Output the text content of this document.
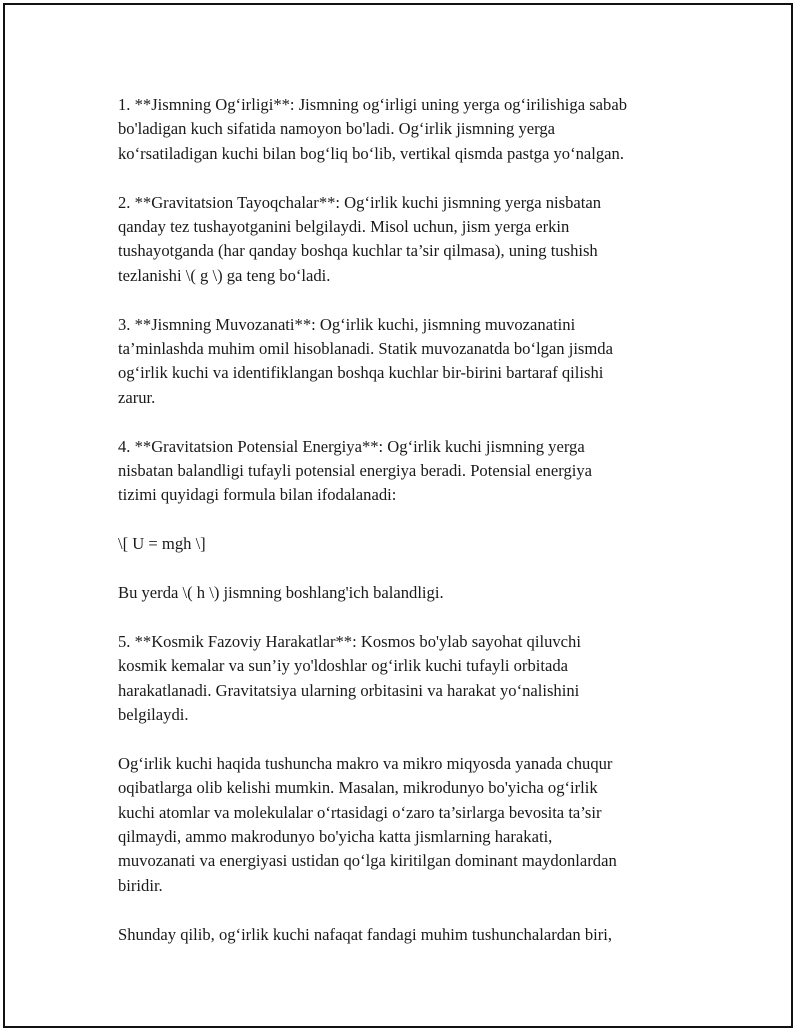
1. **Jismning Og‘irligi**: Jismning og‘irligi uning yerga og‘irilishiga sabab
bo'ladigan kuch sifatida namoyon bo'ladi. Og‘irlik jismning yerga
ko‘rsatiladigan kuchi bilan bog‘liq bo‘lib, vertikal qismda pastga yo‘nalgan.

2. **Gravitatsion Tayoqchalar**: Og‘irlik kuchi jismning yerga nisbatan
qanday tez tushayotganini belgilaydi. Misol uchun, jism yerga erkin
tushayotganda (har qanday boshqa kuchlar ta’sir qilmasa), uning tushish
tezlanishi \( g \) ga teng bo‘ladi.

3. **Jismning Muvozanati**: Og‘irlik kuchi, jismning muvozanatini
ta’minlashda muhim omil hisoblanadi. Statik muvozanatda bo‘lgan jismda
og‘irlik kuchi va identifiklangan boshqa kuchlar bir-birini bartaraf qilishi
zarur.

4. **Gravitatsion Potensial Energiya**: Og‘irlik kuchi jismning yerga
nisbatan balandligi tufayli potensial energiya beradi. Potensial energiya
tizimi quyidagi formula bilan ifodalanadi:

\[ U = mgh \]

Bu yerda \( h \) jismning boshlang'ich balandligi.

5. **Kosmik Fazoviy Harakatlar**: Kosmos bo'ylab sayohat qiluvchi
kosmik kemalar va sun’iy yo'ldoshlar og‘irlik kuchi tufayli orbitada
harakatlanadi. Gravitatsiya ularning orbitasini va harakat yo‘nalishini
belgilaydi.

Og‘irlik kuchi haqida tushuncha makro va mikro miqyosda yanada chuqur
oqibatlarga olib kelishi mumkin. Masalan, mikrodunyo bo'yicha og‘irlik
kuchi atomlar va molekulalar o‘rtasidagi o‘zaro ta’sirlarga bevosita ta’sir
qilmaydi, ammo makrodunyo bo'yicha katta jismlarning harakati,
muvozanati va energiyasi ustidan qo‘lga kiritilgan dominant maydonlardan
biridir.

Shunday qilib, og‘irlik kuchi nafaqat fandagi muhim tushunchalardan biri,
